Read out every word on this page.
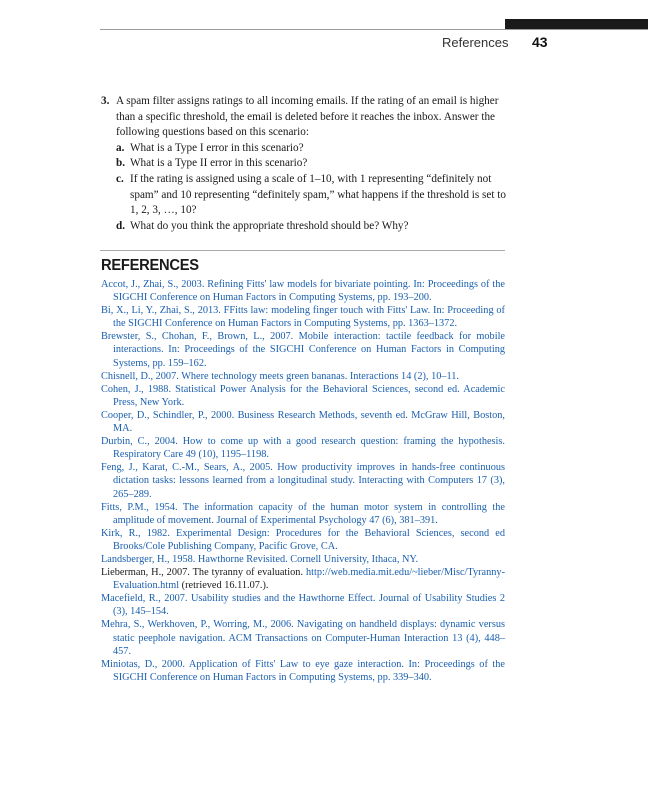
References 43
3. A spam filter assigns ratings to all incoming emails. If the rating of an email is higher than a specific threshold, the email is deleted before it reaches the inbox. Answer the following questions based on this scenario:
a. What is a Type I error in this scenario?
b. What is a Type II error in this scenario?
c. If the rating is assigned using a scale of 1–10, with 1 representing “definitely not spam” and 10 representing “definitely spam,” what happens if the threshold is set to 1, 2, 3, …, 10?
d. What do you think the appropriate threshold should be? Why?
REFERENCES
Accot, J., Zhai, S., 2003. Refining Fitts' law models for bivariate pointing. In: Proceedings of the SIGCHI Conference on Human Factors in Computing Systems, pp. 193–200.
Bi, X., Li, Y., Zhai, S., 2013. FFitts law: modeling finger touch with Fitts' Law. In: Proceeding of the SIGCHI Conference on Human Factors in Computing Systems, pp. 1363–1372.
Brewster, S., Chohan, F., Brown, L., 2007. Mobile interaction: tactile feedback for mobile interactions. In: Proceedings of the SIGCHI Conference on Human Factors in Computing Systems, pp. 159–162.
Chisnell, D., 2007. Where technology meets green bananas. Interactions 14 (2), 10–11.
Cohen, J., 1988. Statistical Power Analysis for the Behavioral Sciences, second ed. Academic Press, New York.
Cooper, D., Schindler, P., 2000. Business Research Methods, seventh ed. McGraw Hill, Boston, MA.
Durbin, C., 2004. How to come up with a good research question: framing the hypothesis. Respiratory Care 49 (10), 1195–1198.
Feng, J., Karat, C.-M., Sears, A., 2005. How productivity improves in hands-free continuous dictation tasks: lessons learned from a longitudinal study. Interacting with Computers 17 (3), 265–289.
Fitts, P.M., 1954. The information capacity of the human motor system in controlling the amplitude of movement. Journal of Experimental Psychology 47 (6), 381–391.
Kirk, R., 1982. Experimental Design: Procedures for the Behavioral Sciences, second ed Brooks/Cole Publishing Company, Pacific Grove, CA.
Landsberger, H., 1958. Hawthorne Revisited. Cornell University, Ithaca, NY.
Lieberman, H., 2007. The tyranny of evaluation. http://web.media.mit.edu/~lieber/Misc/Tyranny-Evaluation.html (retrieved 16.11.07.).
Macefield, R., 2007. Usability studies and the Hawthorne Effect. Journal of Usability Studies 2 (3), 145–154.
Mehra, S., Werkhoven, P., Worring, M., 2006. Navigating on handheld displays: dynamic versus static peephole navigation. ACM Transactions on Computer-Human Interaction 13 (4), 448–457.
Miniotas, D., 2000. Application of Fitts' Law to eye gaze interaction. In: Proceedings of the SIGCHI Conference on Human Factors in Computing Systems, pp. 339–340.
